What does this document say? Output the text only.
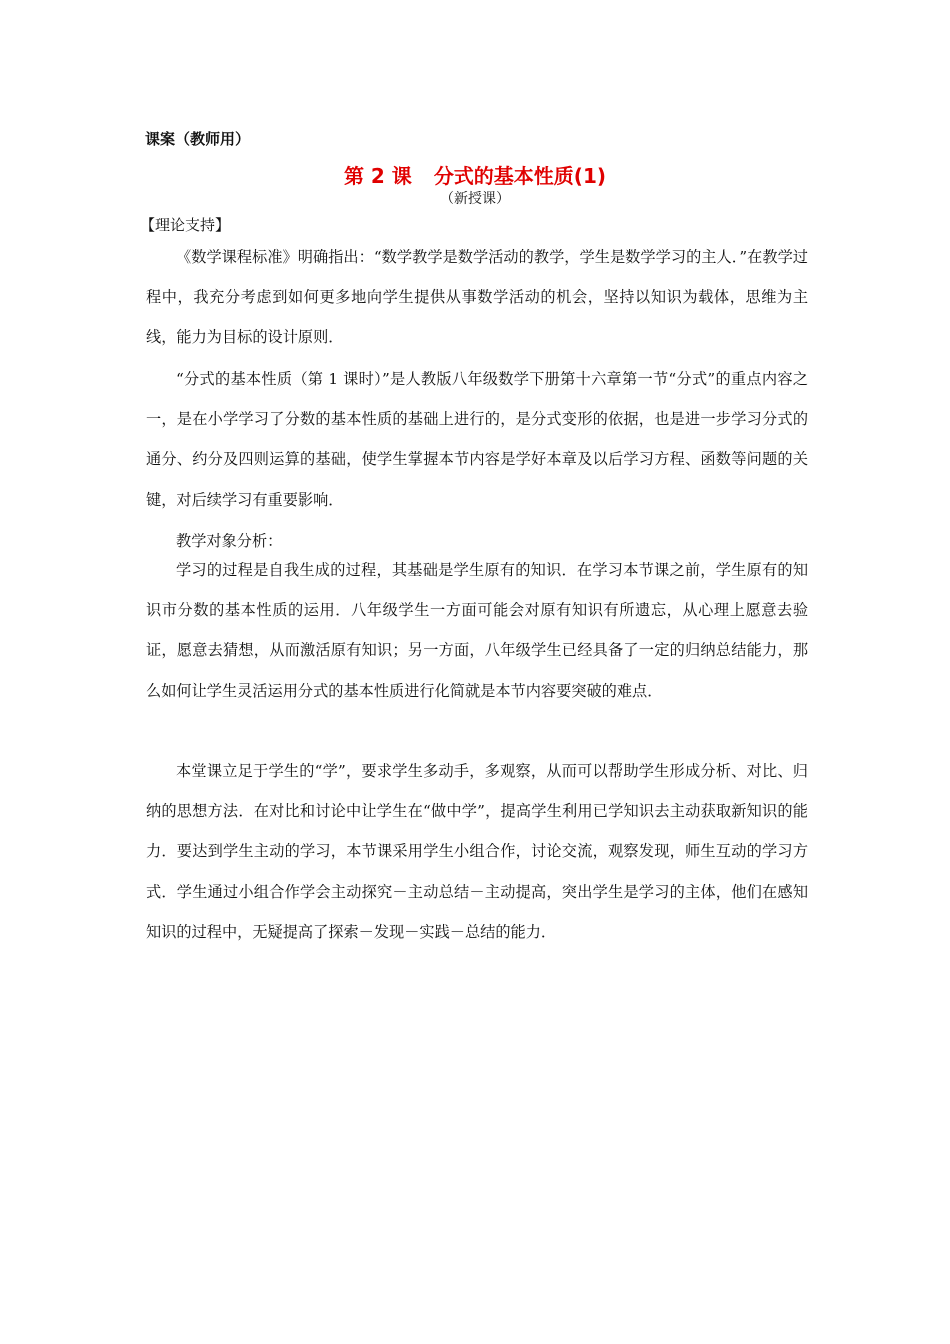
课案（教师用）
第 2 课 分式的基本性质(1)
（新授课）
【理论支持】

《数学课程标准》明确指出：“数学教学是数学活动的教学，学生是数学学习的主人．”在教学过程中，我充分考虑到如何更多地向学生提供从事数学活动的机会，坚持以知识为载体，思维为主线，能力为目标的设计原则．

“分式的基本性质（第 1 课时）”是人教版八年级数学下册第十六章第一节“分式”的重点内容之一，是在小学学习了分数的基本性质的基础上进行的，是分式变形的依据，也是进一步学习分式的通分、约分及四则运算的基础，使学生掌握本节内容是学好本章及以后学习方程、函数等问题的关键，对后续学习有重要影响．

教学对象分析：

学习的过程是自我生成的过程，其基础是学生原有的知识．在学习本节课之前，学生原有的知识市分数的基本性质的运用．八年级学生一方面可能会对原有知识有所遗忘，从心理上愿意去验证，愿意去猜想，从而激活原有知识；另一方面，八年级学生已经具备了一定的归纳总结能力，那么如何让学生灵活运用分式的基本性质进行化简就是本节内容要突破的难点．

本堂课立足于学生的“学”，要求学生多动手，多观察，从而可以帮助学生形成分析、对比、归纳的思想方法．在对比和讨论中让学生在“做中学”，提高学生利用已学知识去主动获取新知识的能力．要达到学生主动的学习，本节课采用学生小组合作，讨论交流，观察发现，师生互动的学习方式．学生通过小组合作学会主动探究－主动总结－主动提高，突出学生是学习的主体，他们在感知知识的过程中，无疑提高了探索－发现－实践－总结的能力．
